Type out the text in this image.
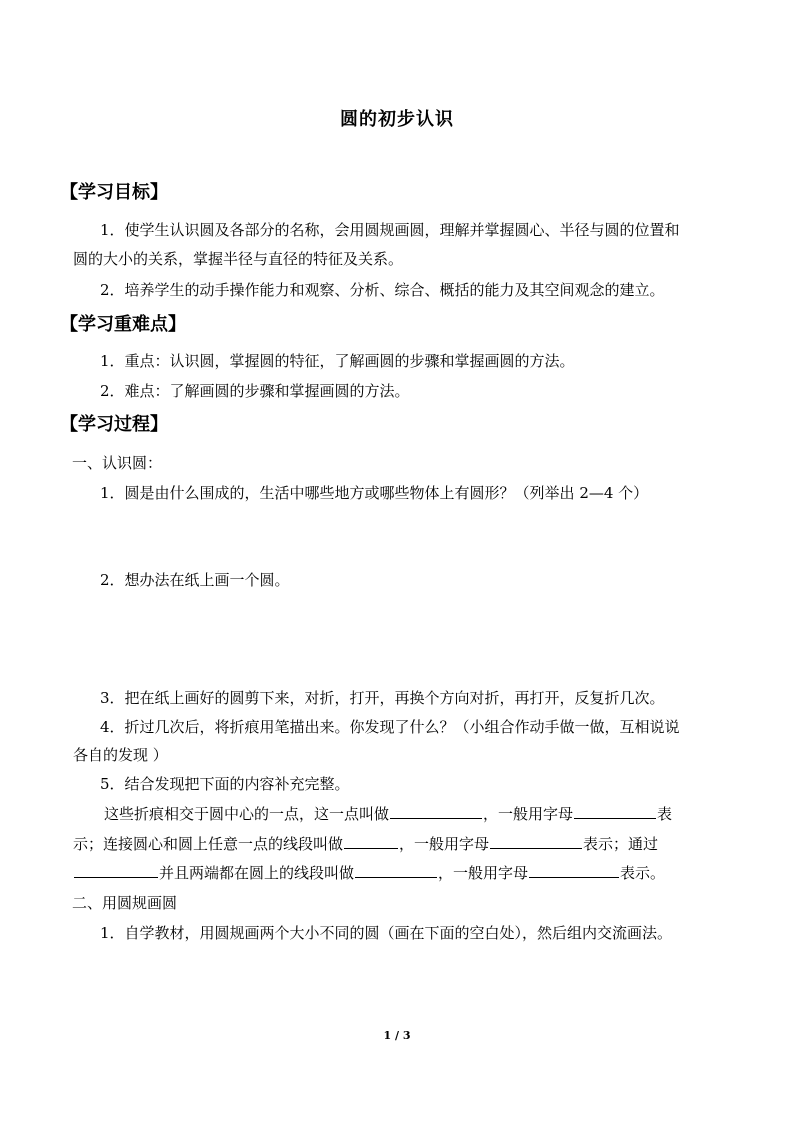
圆的初步认识
【学习目标】
1．使学生认识圆及各部分的名称，会用圆规画圆，理解并掌握圆心、半径与圆的位置和
圆的大小的关系，掌握半径与直径的特征及关系。
2．培养学生的动手操作能力和观察、分析、综合、概括的能力及其空间观念的建立。
【学习重难点】
1．重点：认识圆，掌握圆的特征，了解画圆的步骤和掌握画圆的方法。
2．难点：了解画圆的步骤和掌握画圆的方法。
【学习过程】
一、认识圆：
1．圆是由什么围成的，生活中哪些地方或哪些物体上有圆形？（列举出 2—4 个）
2．想办法在纸上画一个圆。
3．把在纸上画好的圆剪下来，对折，打开，再换个方向对折，再打开，反复折几次。
4．折过几次后，将折痕用笔描出来。你发现了什么？（小组合作动手做一做，互相说说
各自的发现 ）
5．结合发现把下面的内容补充完整。
这些折痕相交于圆中心的一点，这一点叫做	，一般用字母	表
示；连接圆心和圆上任意一点的线段叫做	，一般用字母	表示；通过
并且两端都在圆上的线段叫做	，一般用字母	表示。
二、用圆规画圆
1．自学教材，用圆规画两个大小不同的圆（画在下面的空白处），然后组内交流画法。
1 / 3
